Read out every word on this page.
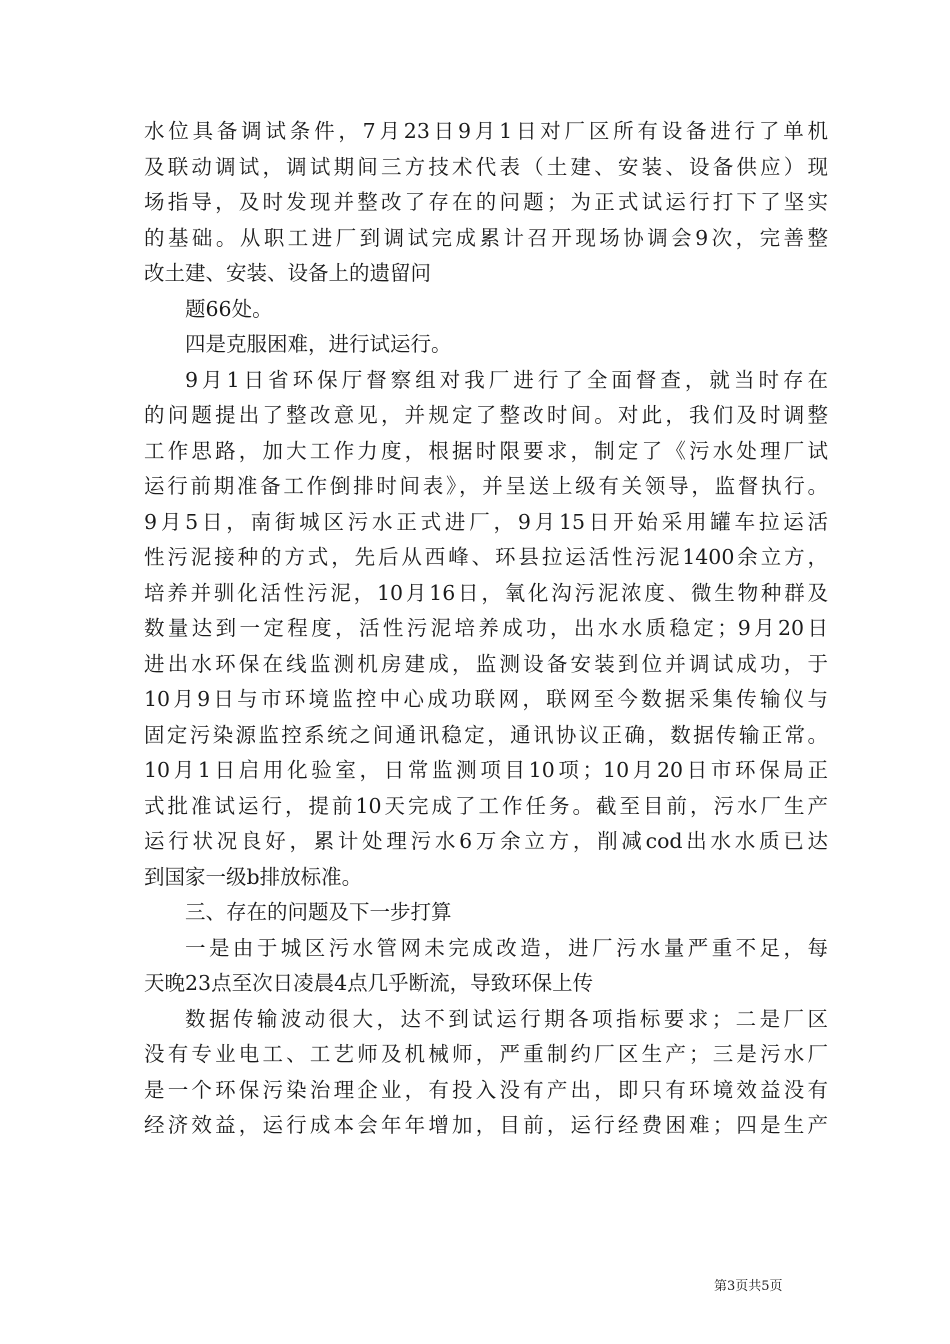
水位具备调试条件，7月23日9月1日对厂区所有设备进行了单机
及联动调试，调试期间三方技术代表（土建、安装、设备供应）现
场指导，及时发现并整改了存在的问题；为正式试运行打下了坚实
的基础。从职工进厂到调试完成累计召开现场协调会9次，完善整
改土建、安装、设备上的遗留问
题66处。
四是克服困难，进行试运行。
9月1日省环保厅督察组对我厂进行了全面督查，就当时存在
的问题提出了整改意见，并规定了整改时间。对此，我们及时调整
工作思路，加大工作力度，根据时限要求，制定了《污水处理厂试
运行前期准备工作倒排时间表》，并呈送上级有关领导，监督执行。
9月5日，南街城区污水正式进厂，9月15日开始采用罐车拉运活
性污泥接种的方式，先后从西峰、环县拉运活性污泥1400余立方，
培养并驯化活性污泥，10月16日，氧化沟污泥浓度、微生物种群及
数量达到一定程度，活性污泥培养成功，出水水质稳定；9月20日
进出水环保在线监测机房建成，监测设备安装到位并调试成功，于
10月9日与市环境监控中心成功联网，联网至今数据采集传输仪与
固定污染源监控系统之间通讯稳定，通讯协议正确，数据传输正常。
10月1日启用化验室，日常监测项目10项；10月20日市环保局正
式批准试运行，提前10天完成了工作任务。截至目前，污水厂生产
运行状况良好，累计处理污水6万余立方，削减cod出水水质已达
到国家一级b排放标准。
三、存在的问题及下一步打算
一是由于城区污水管网未完成改造，进厂污水量严重不足，每
天晚23点至次日凌晨4点几乎断流，导致环保上传
数据传输波动很大，达不到试运行期各项指标要求；二是厂区
没有专业电工、工艺师及机械师，严重制约厂区生产；三是污水厂
是一个环保污染治理企业，有投入没有产出，即只有环境效益没有
经济效益，运行成本会年年增加，目前，运行经费困难；四是生产
第3页共5页
